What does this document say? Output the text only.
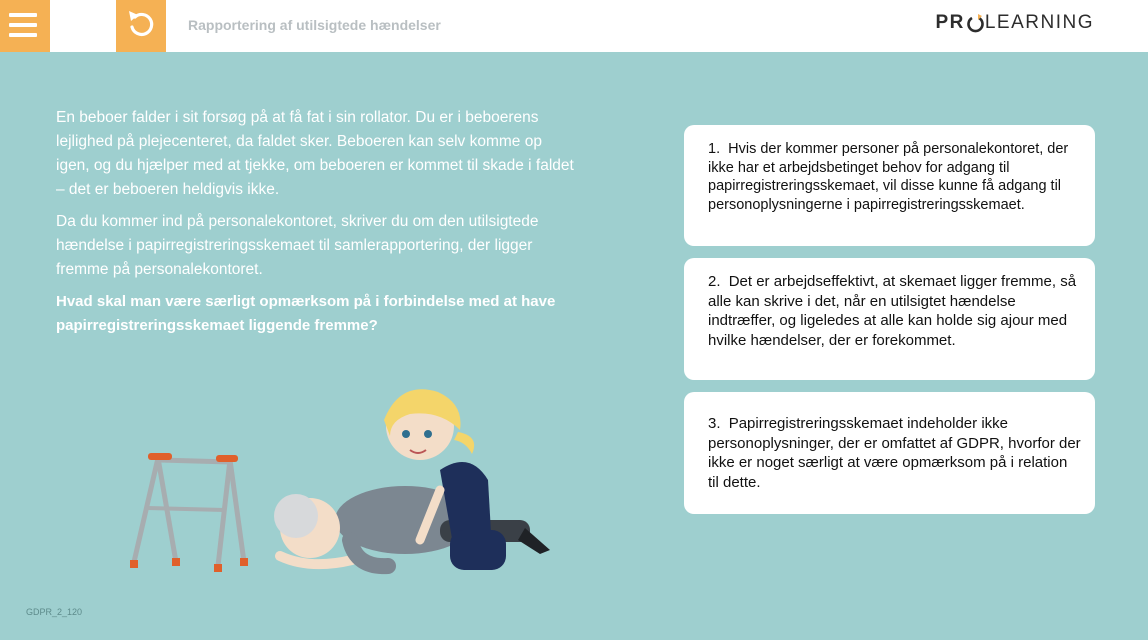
Rapportering af utilsigtede hændelser	PR LEARNING

En beboer falder i sit forsøg på at få fat i sin rollator. Du er i beboerens lejlighed på plejecenteret, da faldet sker. Beboeren kan selv komme op igen, og du hjælper med at tjekke, om beboeren er kommet til skade i faldet – det er beboeren heldigvis ikke.

Da du kommer ind på personalekontoret, skriver du om den utilsigtede hændelse i papirregistreringsskemaet til samlerapportering, der ligger fremme på personalekontoret.

Hvad skal man være særligt opmærksom på i forbindelse med at have papirregistreringsskemaet liggende fremme?

1. Hvis der kommer personer på personalekontoret, der ikke har et arbejdsbetinget behov for adgang til papirregistreringsskemaet, vil disse kunne få adgang til personoplysningerne i papirregistreringsskemaet.
2. Det er arbejdseffektivt, at skemaet ligger fremme, så alle kan skrive i det, når en utilsigtet hændelse indtræffer, og ligeledes at alle kan holde sig ajour med hvilke hændelser, der er forekommet.
3. Papirregistreringsskemaet indeholder ikke personoplysninger, der er omfattet af GDPR, hvorfor der ikke er noget særligt at være opmærksom på i relation til dette.
GDPR_2_120
